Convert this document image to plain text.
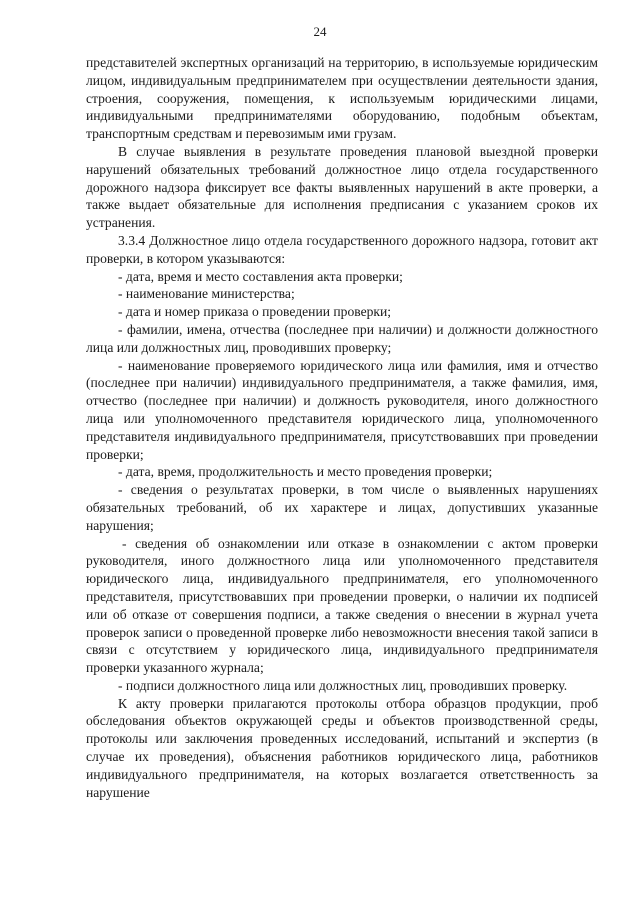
24

представителей экспертных организаций на территорию, в используемые юридическим лицом, индивидуальным предпринимателем при осуществлении деятельности здания, строения, сооружения, помещения, к используемым юридическими лицами, индивидуальными предпринимателями оборудованию, подобным объектам, транспортным средствам и перевозимым ими грузам.

В случае выявления в результате проведения плановой выездной проверки нарушений обязательных требований должностное лицо отдела государственного дорожного надзора фиксирует все факты выявленных нарушений в акте проверки, а также выдает обязательные для исполнения предписания с указанием сроков их устранения.

3.3.4 Должностное лицо отдела государственного дорожного надзора, готовит акт проверки, в котором указываются:

- дата, время и место составления акта проверки;

- наименование министерства;

- дата и номер приказа о проведении проверки;

- фамилии, имена, отчества (последнее при наличии) и должности должностного лица или должностных лиц, проводивших проверку;

- наименование проверяемого юридического лица или фамилия, имя и отчество (последнее при наличии) индивидуального предпринимателя, а также фамилия, имя, отчество (последнее при наличии) и должность руководителя, иного должностного лица или уполномоченного представителя юридического лица, уполномоченного представителя индивидуального предпринимателя, присутствовавших при проведении проверки;

- дата, время, продолжительность и место проведения проверки;

- сведения о результатах проверки, в том числе о выявленных нарушениях обязательных требований, об их характере и лицах, допустивших указанные нарушения;

- сведения об ознакомлении или отказе в ознакомлении с актом проверки руководителя, иного должностного лица или уполномоченного представителя юридического лица, индивидуального предпринимателя, его уполномоченного представителя, присутствовавших при проведении проверки, о наличии их подписей или об отказе от совершения подписи, а также сведения о внесении в журнал учета проверок записи о проведенной проверке либо невозможности внесения такой записи в связи с отсутствием у юридического лица, индивидуального предпринимателя проверки указанного журнала;

- подписи должностного лица или должностных лиц, проводивших проверку.

К акту проверки прилагаются протоколы отбора образцов продукции, проб обследования объектов окружающей среды и объектов производственной среды, протоколы или заключения проведенных исследований, испытаний и экспертиз (в случае их проведения), объяснения работников юридического лица, работников индивидуального предпринимателя, на которых возлагается ответственность за нарушение
